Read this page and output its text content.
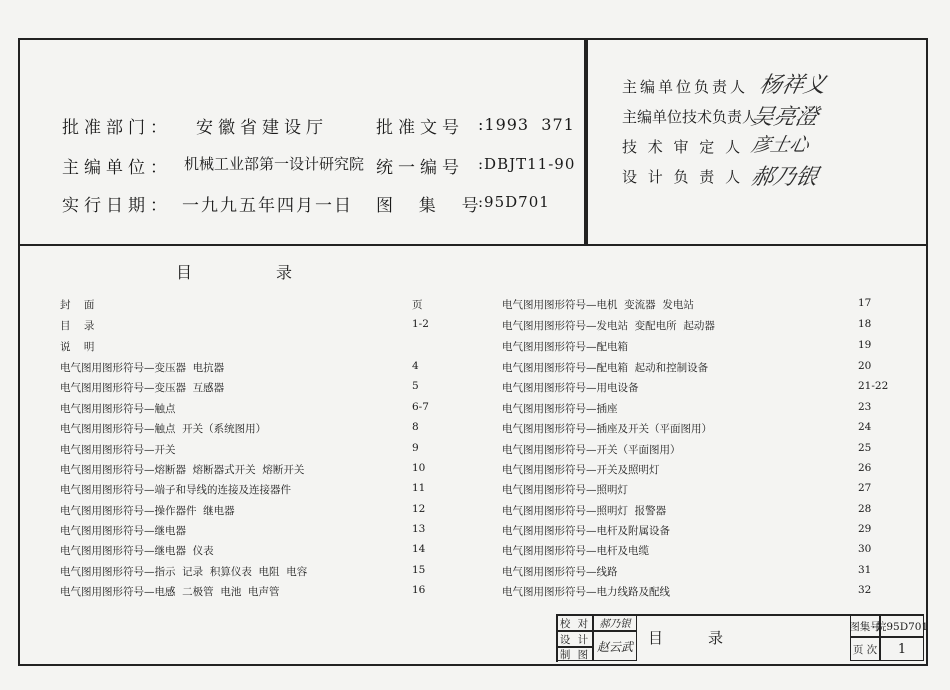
批准部门： 安徽省建设厅
主编单位： 机械工业部第一设计研究院
实行日期： 一九九五年四月一日
批准文号 :1993  371
统一编号 :DBJT11-90
图  集  号
:95D701
主编单位负责人 杨祥义
主编单位技术负责人
吴亮澄
技 术 审 定 人 彦土心
设 计 负 责 人 郝乃银
目	录
封    面	页
目    录	1-2
说    明
电气图用图形符号—变压器  电抗器	4
电气图用图形符号—变压器  互感器	5
电气图用图形符号—触点	6-7
电气图用图形符号—触点  开关（系统图用）	8
电气图用图形符号—开关	9
电气图用图形符号—熔断器  熔断器式开关  熔断开关	10
电气图用图形符号—端子和导线的连接及连接器件	11
电气图用图形符号—操作器件  继电器	12
电气图用图形符号—继电器	13
电气图用图形符号—继电器  仪表	14
电气图用图形符号—指示  记录  积算仪表  电阻  电容	15
电气图用图形符号—电感  二极管  电池  电声管	16
电气图用图形符号—电机  变流器  发电站	17
电气图用图形符号—发电站  变配电所  起动器	18
电气图用图形符号—配电箱	19
电气图用图形符号—配电箱  起动和控制设备	20
电气图用图形符号—用电设备	21-22
电气图用图形符号—插座	23
电气图用图形符号—插座及开关（平面图用）	24
电气图用图形符号—开关（平面图用）	25
电气图用图形符号—开关及照明灯	26
电气图用图形符号—照明灯	27
电气图用图形符号—照明灯  报警器	28
电气图用图形符号—电杆及附属设备	29
电气图用图形符号—电杆及电缆	30
电气图用图形符号—线路	31
电气图用图形符号—电力线路及配线	32
校 对 郝乃银
设 计 赵云武
制 图
目	录
图集号
皖95D701
页 次	1
